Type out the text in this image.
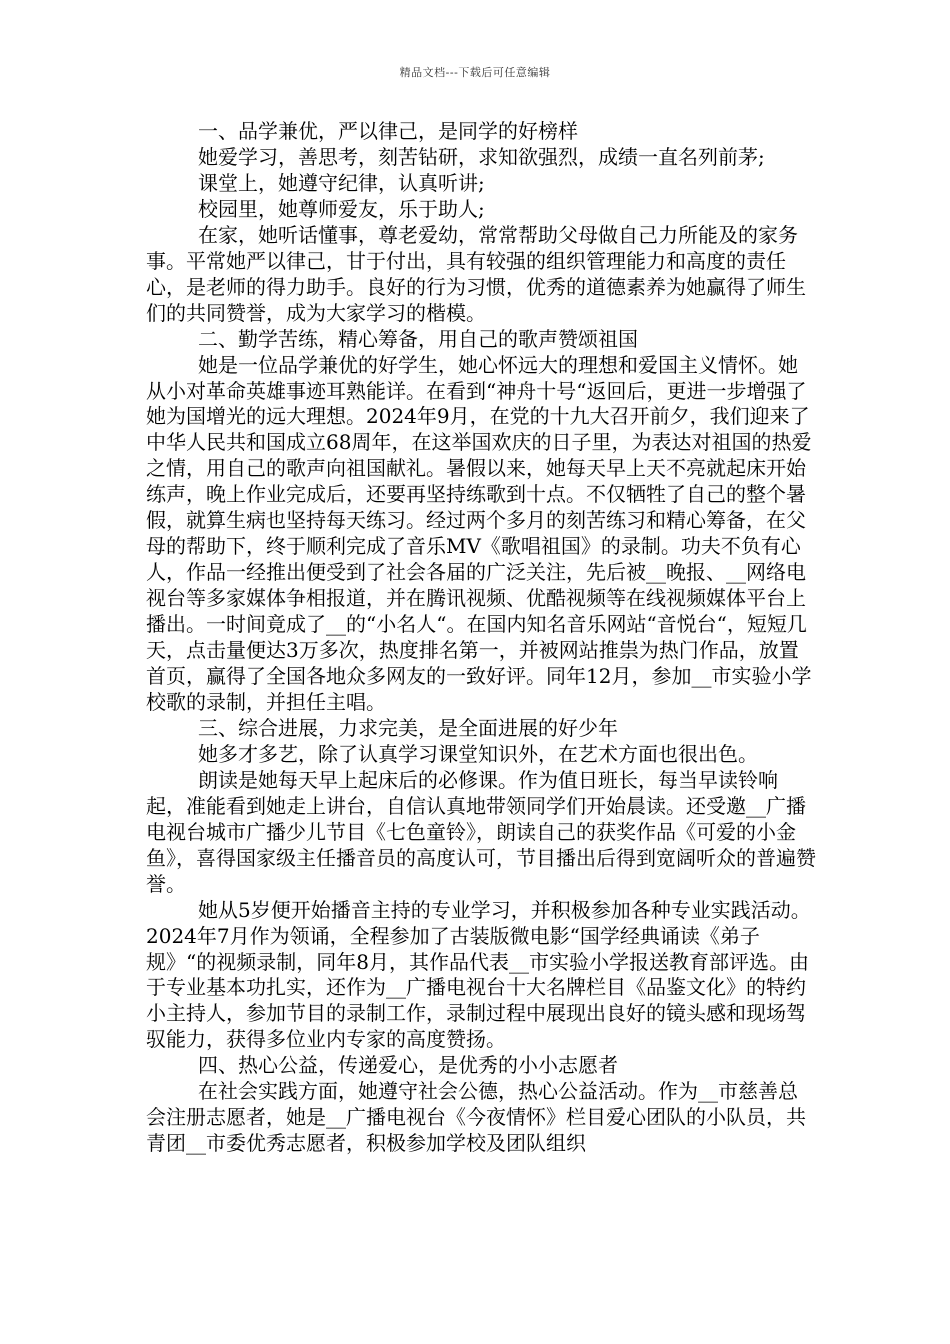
精品文档---下载后可任意编辑

一、品学兼优，严以律己，是同学的好榜样

她爱学习，善思考，刻苦钻研，求知欲强烈，成绩一直名列前茅;

课堂上，她遵守纪律，认真听讲;

校园里，她尊师爱友，乐于助人;

在家，她听话懂事，尊老爱幼，常常帮助父母做自己力所能及的家务事。平常她严以律己，甘于付出，具有较强的组织管理能力和高度的责任心，是老师的得力助手。良好的行为习惯，优秀的道德素养为她赢得了师生们的共同赞誉，成为大家学习的楷模。

二、勤学苦练，精心筹备，用自己的歌声赞颂祖国

她是一位品学兼优的好学生，她心怀远大的理想和爱国主义情怀。她从小对革命英雄事迹耳熟能详。在看到“神舟十号“返回后，更进一步增强了她为国增光的远大理想。2024年9月，在党的十九大召开前夕，我们迎来了中华人民共和国成立68周年，在这举国欢庆的日子里，为表达对祖国的热爱之情，用自己的歌声向祖国献礼。暑假以来，她每天早上天不亮就起床开始练声，晚上作业完成后，还要再坚持练歌到十点。不仅牺牲了自己的整个暑假，就算生病也坚持每天练习。经过两个多月的刻苦练习和精心筹备，在父母的帮助下，终于顺利完成了音乐MV《歌唱祖国》的录制。功夫不负有心人，作品一经推出便受到了社会各届的广泛关注，先后被__晚报、__网络电视台等多家媒体争相报道，并在腾讯视频、优酷视频等在线视频媒体平台上播出。一时间竟成了__的“小名人“。在国内知名音乐网站“音悦台“，短短几天，点击量便达3万多次，热度排名第一，并被网站推祟为热门作品，放置首页，赢得了全国各地众多网友的一致好评。同年12月，参加__市实验小学校歌的录制，并担任主唱。

三、综合进展，力求完美，是全面进展的好少年

她多才多艺，除了认真学习课堂知识外，在艺术方面也很出色。

朗读是她每天早上起床后的必修课。作为值日班长，每当早读铃响起，准能看到她走上讲台，自信认真地带领同学们开始晨读。还受邀__广播电视台城市广播少儿节目《七色童铃》，朗读自己的获奖作品《可爱的小金鱼》，喜得国家级主任播音员的高度认可，节目播出后得到宽阔听众的普遍赞誉。

她从5岁便开始播音主持的专业学习，并积极参加各种专业实践活动。2024年7月作为领诵，全程参加了古装版微电影“国学经典诵读《弟子规》“的视频录制，同年8月，其作品代表__市实验小学报送教育部评选。由于专业基本功扎实，还作为__广播电视台十大名牌栏目《品鉴文化》的特约小主持人，参加节目的录制工作，录制过程中展现出良好的镜头感和现场驾驭能力，获得多位业内专家的高度赞扬。

四、热心公益，传递爱心，是优秀的小小志愿者

在社会实践方面，她遵守社会公德，热心公益活动。作为__市慈善总会注册志愿者，她是__广播电视台《今夜情怀》栏目爱心团队的小队员，共青团__市委优秀志愿者，积极参加学校及团队组织
